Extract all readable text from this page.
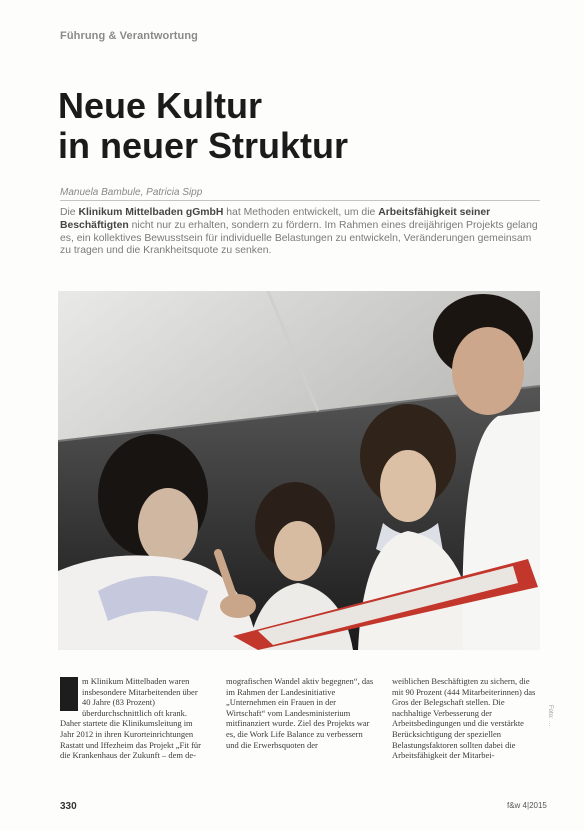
Führung & Verantwortung
Neue Kultur
in neuer Struktur
Manuela Bambule, Patricia Sipp

Die Klinikum Mittelbaden gGmbH hat Methoden entwickelt, um die Arbeitsfähigkeit seiner Beschäftigten nicht nur zu erhalten, sondern zu fördern. Im Rahmen eines dreijährigen Projekts gelang es, ein kollektives Bewusstsein für individuelle Belastungen zu entwickeln, Veränderungen gemeinsam zu tragen und die Krankheitsquote zu senken.

m Klinikum Mittelbaden waren insbesondere Mitarbeitenden über 40 Jahre (83 Prozent) überdurchschnittlich oft krank. Daher startete die Klinikumsleitung im Jahr 2012 in ihren Kurorteinrichtungen Rastatt und Iffezheim das Projekt „Fit für die Krankenhaus der Zukunft – dem de-
mografischen Wandel aktiv begegnen“, das im Rahmen der Landesinitiative „Unternehmen ein Frauen in der Wirtschaft“ vom Landesministerium mitfinanziert wurde. Ziel des Projekts war es, die Work Life Balance zu verbessern und die Erwerbsquoten der
weiblichen Beschäftigten zu sichern, die mit 90 Prozent (444 Mitarbeiterinnen) das Gros der Belegschaft stellen. Die nachhaltige Verbesserung der Arbeitsbedingungen und die verstärkte Berücksichtigung der speziellen Belastungsfaktoren sollten dabei die Arbeitsfähigkeit der Mitarbei-
Foto: …
330	f&w 4|2015
